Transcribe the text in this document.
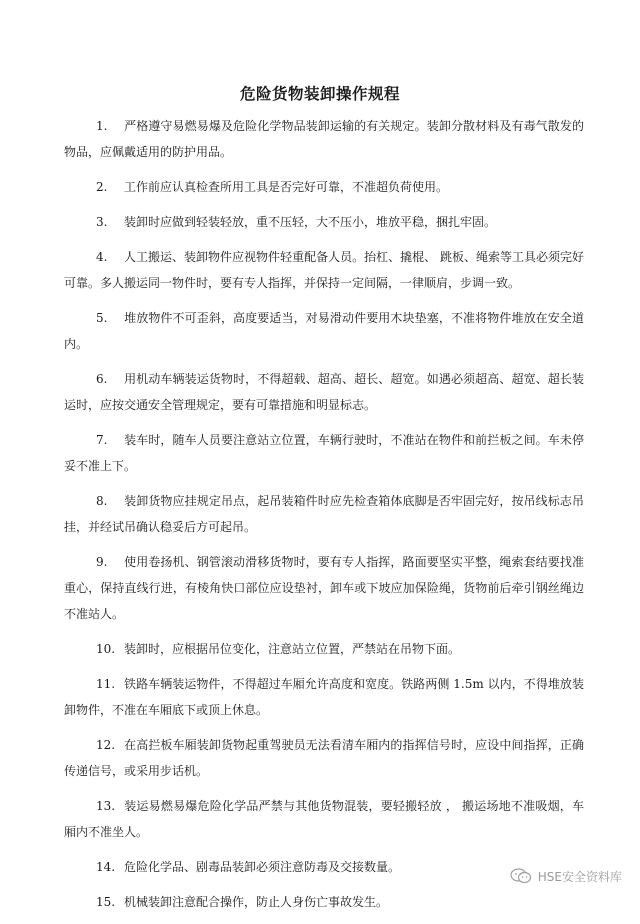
危险货物装卸操作规程

1. 严格遵守易燃易爆及危险化学物品装卸运输的有关规定。装卸分散材料及有毒气散发的物品，应佩戴适用的防护用品。

2. 工作前应认真检查所用工具是否完好可靠，不准超负荷使用。

3. 装卸时应做到轻装轻放，重不压轻，大不压小，堆放平稳，捆扎牢固。

4. 人工搬运、装卸物件应视物件轻重配备人员。抬杠、撬棍、 跳板、绳索等工具必须完好可靠。多人搬运同一物件时，要有专人指挥，并保持一定间隔，一律顺肩，步调一致。

5. 堆放物件不可歪斜，高度要适当，对易滑动件要用木块垫塞，不准将物件堆放在安全道内。

6. 用机动车辆装运货物时，不得超载、超高、超长、超宽。如遇必须超高、超宽、超长装运时，应按交通安全管理规定，要有可靠措施和明显标志。

7. 装车时，随车人员要注意站立位置，车辆行驶时，不准站在物件和前拦板之间。车未停妥不准上下。

8. 装卸货物应挂规定吊点，起吊装箱件时应先检查箱体底脚是否牢固完好，按吊线标志吊挂，并经试吊确认稳妥后方可起吊。

9. 使用卷扬机、钢管滚动滑移货物时，要有专人指挥，路面要坚实平整，绳索套结要找准重心，保持直线行进，有棱角快口部位应设垫衬，卸车或下坡应加保险绳，货物前后牵引钢丝绳边不准站人。

10. 装卸时，应根据吊位变化，注意站立位置，严禁站在吊物下面。

11. 铁路车辆装运物件，不得超过车厢允许高度和宽度。铁路两侧 1.5m 以内，不得堆放装卸物件，不准在车厢底下或顶上休息。

12. 在高拦板车厢装卸货物起重驾驶员无法看清车厢内的指挥信号时，应设中间指挥，正确传递信号，或采用步话机。

13. 装运易燃易爆危险化学品严禁与其他货物混装，要轻搬轻放 ， 搬运场地不准吸烟，车厢内不准坐人。

14. 危险化学品、剧毒品装卸必须注意防毒及交接数量。

15. 机械装卸注意配合操作，防止人身伤亡事故发生。

HSE安全资料库
